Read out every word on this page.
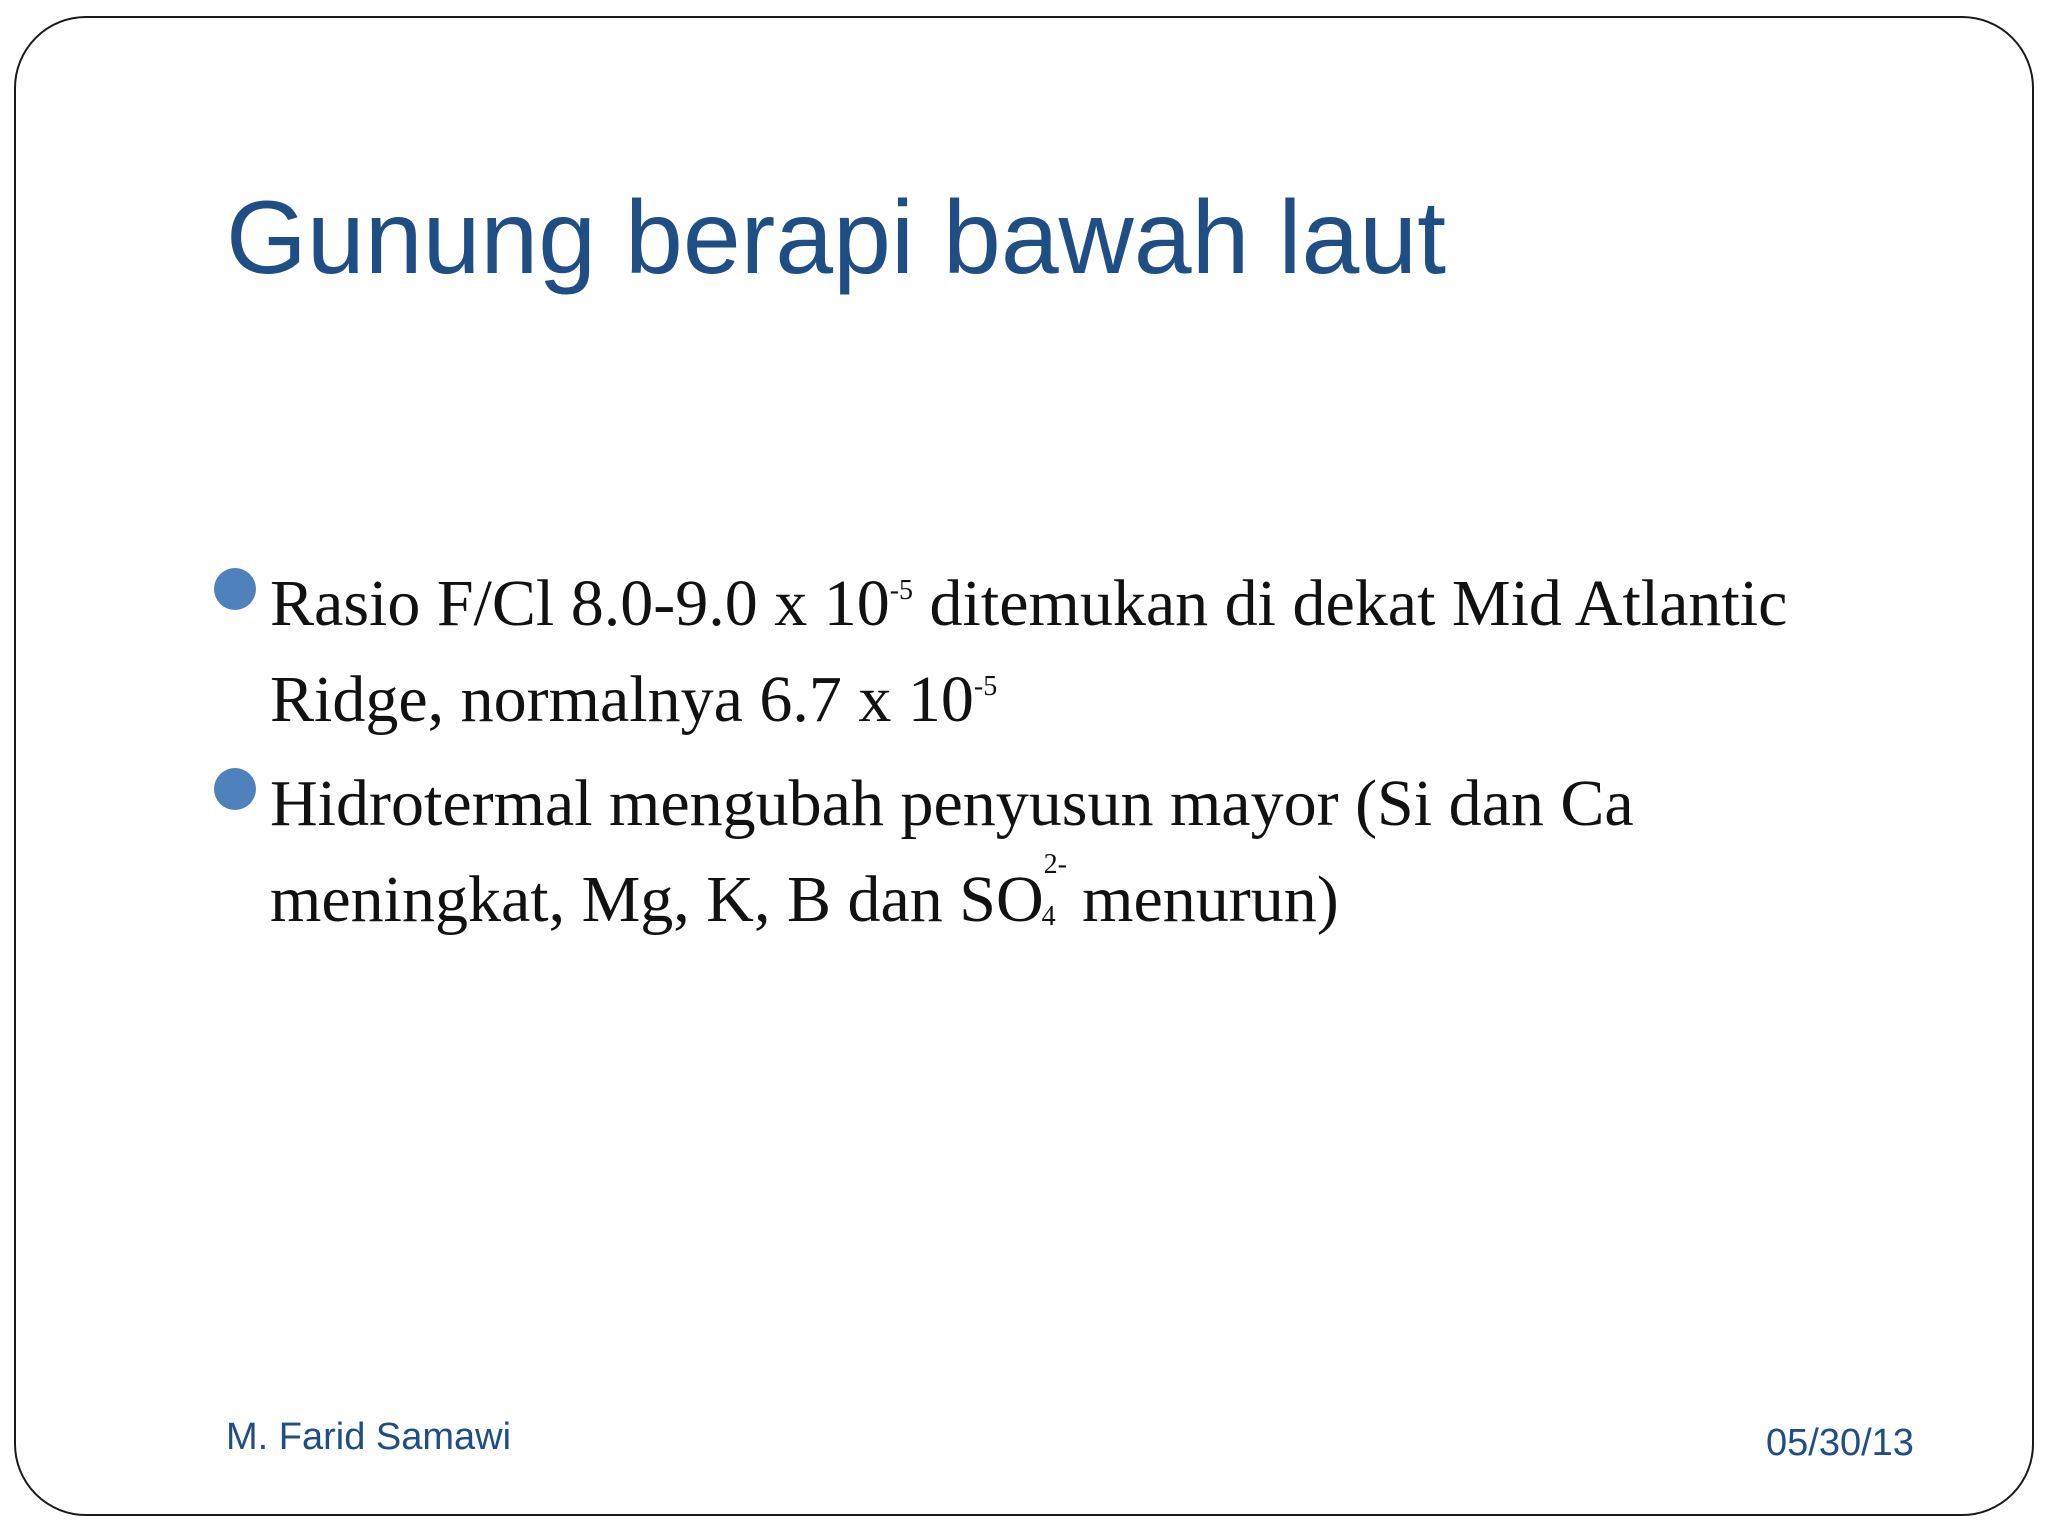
Gunung berapi bawah laut
Rasio F/Cl 8.0-9.0 x $10^{-5}$ ditemukan di dekat Mid Atlantic
Ridge, normalnya 6.7 x $10^{-5}$
Hidrotermal mengubah penyusun mayor (Si dan Ca
meningkat, Mg, K, B dan SO 2-
4 menurun)
M. Farid Samawi	05/30/13
